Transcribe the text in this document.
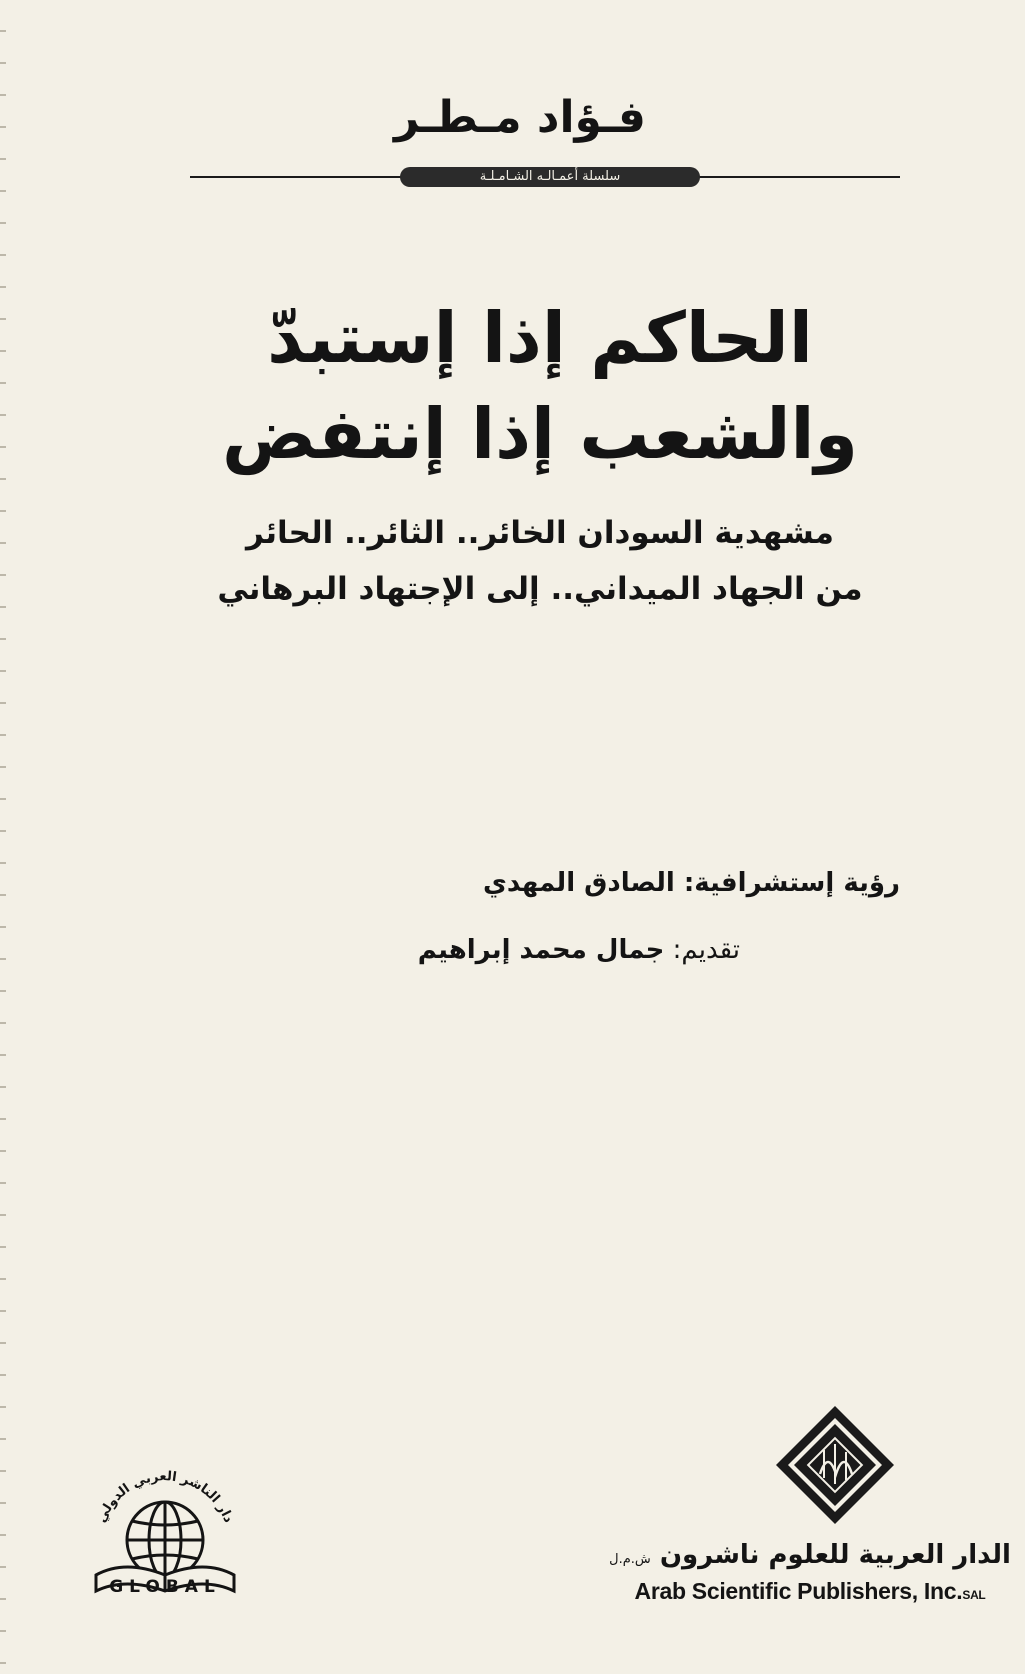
فـؤاد مـطـر
سلسلة أعمـالـه الشـامـلـة
الحاكم إذا إستبدّ
والشعب إذا إنتفض
مشهدية السودان الخائر.. الثائر.. الحائر
من الجهاد الميداني.. إلى الإجتهاد البرهاني
رؤية إستشرافية: الصادق المهدي
تقديم: جمال محمد إبراهيم
دار الناشر العربي الدولي
GLOBAL
الدار العربية للعلوم ناشرون ش.م.ل
Arab Scientific Publishers, Inc.SAL
